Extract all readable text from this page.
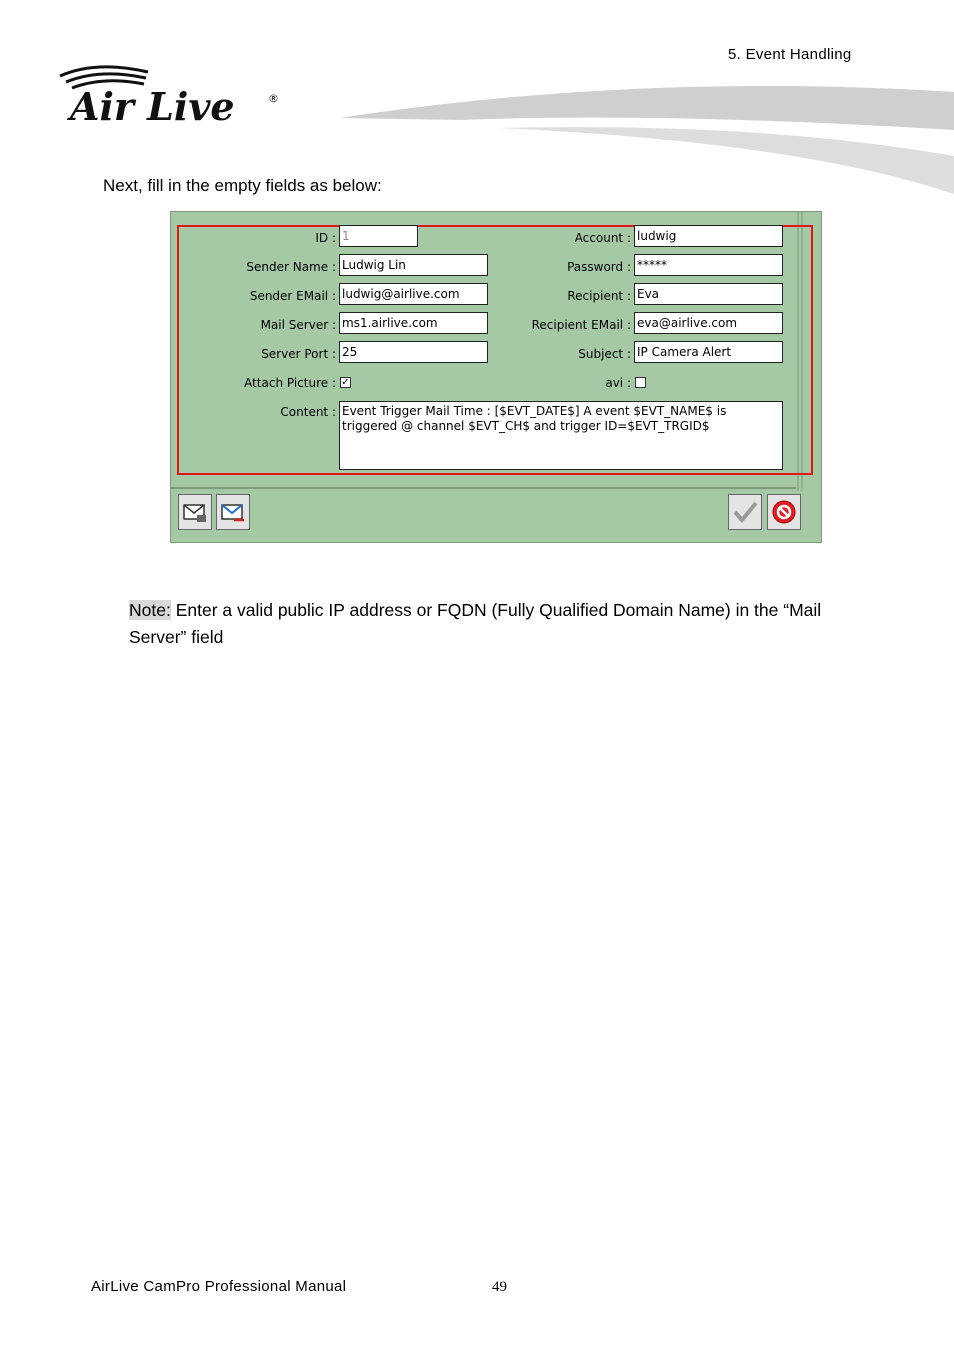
5. Event Handling
Air Live	®
Next, fill in the empty fields as below:
ID : 1
Sender Name : Ludwig Lin
Sender EMail : ludwig@airlive.com
Mail Server : ms1.airlive.com
Server Port : 25
Attach Picture : ✓
Content : Event Trigger Mail Time : [$EVT_DATE$] A event $EVT_NAME$ is
triggered @ channel $EVT_CH$ and trigger ID=$EVT_TRGID$
Account : ludwig
Password : *****
Recipient : Eva
Recipient EMail : eva@airlive.com
Subject : IP Camera Alert
avi :
Note: Enter a valid public IP address or FQDN (Fully Qualified Domain Name) in the “Mail Server” field
AirLive CamPro Professional Manual	49
